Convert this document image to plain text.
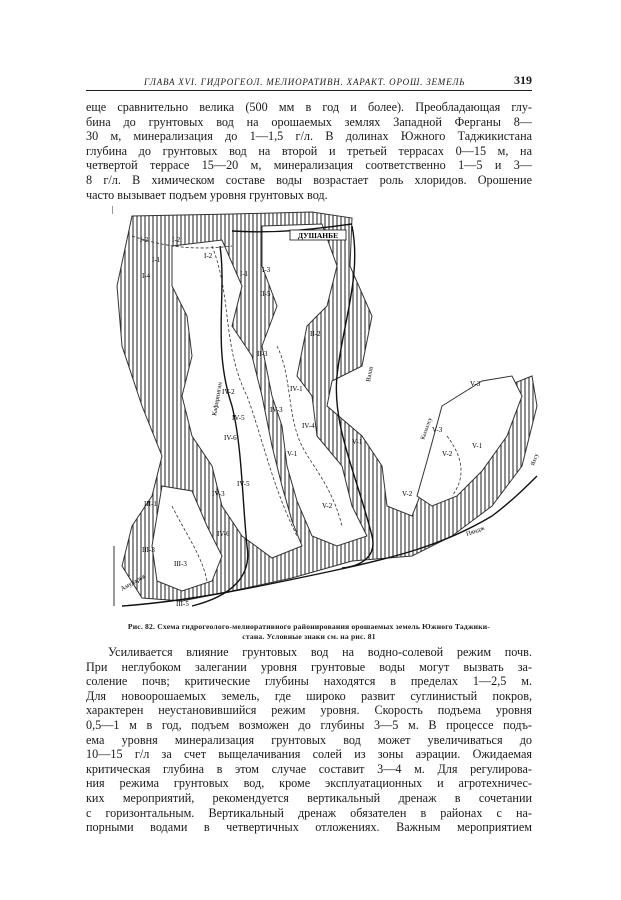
ГЛАВА XVI. ГИДРОГЕОЛ. МЕЛИОРАТИВН. ХАРАКТ. ОРОШ. ЗЕМЕЛЬ	319

еще сравнительно велика (500 мм в год и более). Преобладающая глу-
бина до грунтовых вод на орошаемых землях Западной Ферганы 8—
30 м, минерализация до 1—1,5 г/л. В долинах Южного Таджикистана
глубина до грунтовых вод на второй и третьей террасах 0—15 м, на
четвертой террасе 15—20 м, минерализация соответственно 1—5 и 3—
8 г/л. В химическом составе воды возрастает роль хлоридов. Орошение
часто вызывает подъем уровня грунтовых вод.

ДУШАНБЕ
Кафирниган
Вахш
Амударья
Пяндж
Кызылсу
Яхсу
I-2	I-2
I-1
I-4
I-3
I-1
I-2
II-5
II-2
II-3
IV-1
IV-2
IV-3
IV-4
IV-5
IV-6
V-1
V-2
V-3
V-1
V-2
V-3
III-1
III-3
III-5
III-3
IV-3
IV-5
IV-6
V-1
V-2
Рис. 82. Схема гидрогеолого-мелиоративного районирования орошаемых земель Южного Таджики-
стана. Условные знаки см. на рис. 81

Усиливается влияние грунтовых вод на водно-солевой режим почв.
При неглубоком залегании уровня грунтовые воды могут вызвать за-
соление почв; критические глубины находятся в пределах 1—2,5 м.
Для новоорошаемых земель, где широко развит суглинистый покров,
характерен неустановившийся режим уровня. Скорость подъема уровня
0,5—1 м в год, подъем возможен до глубины 3—5 м. В процессе подъ-
ема уровня минерализация грунтовых вод может увеличиваться до
10—15 г/л за счет выщелачивания солей из зоны аэрации. Ожидаемая
критическая глубина в этом случае составит 3—4 м. Для регулирова-
ния режима грунтовых вод, кроме эксплуатационных и агротехничес-
ких мероприятий, рекомендуется вертикальный дренаж в сочетании
с горизонтальным. Вертикальный дренаж обязателен в районах с на-
порными водами в четвертичных отложениях. Важным мероприятием
